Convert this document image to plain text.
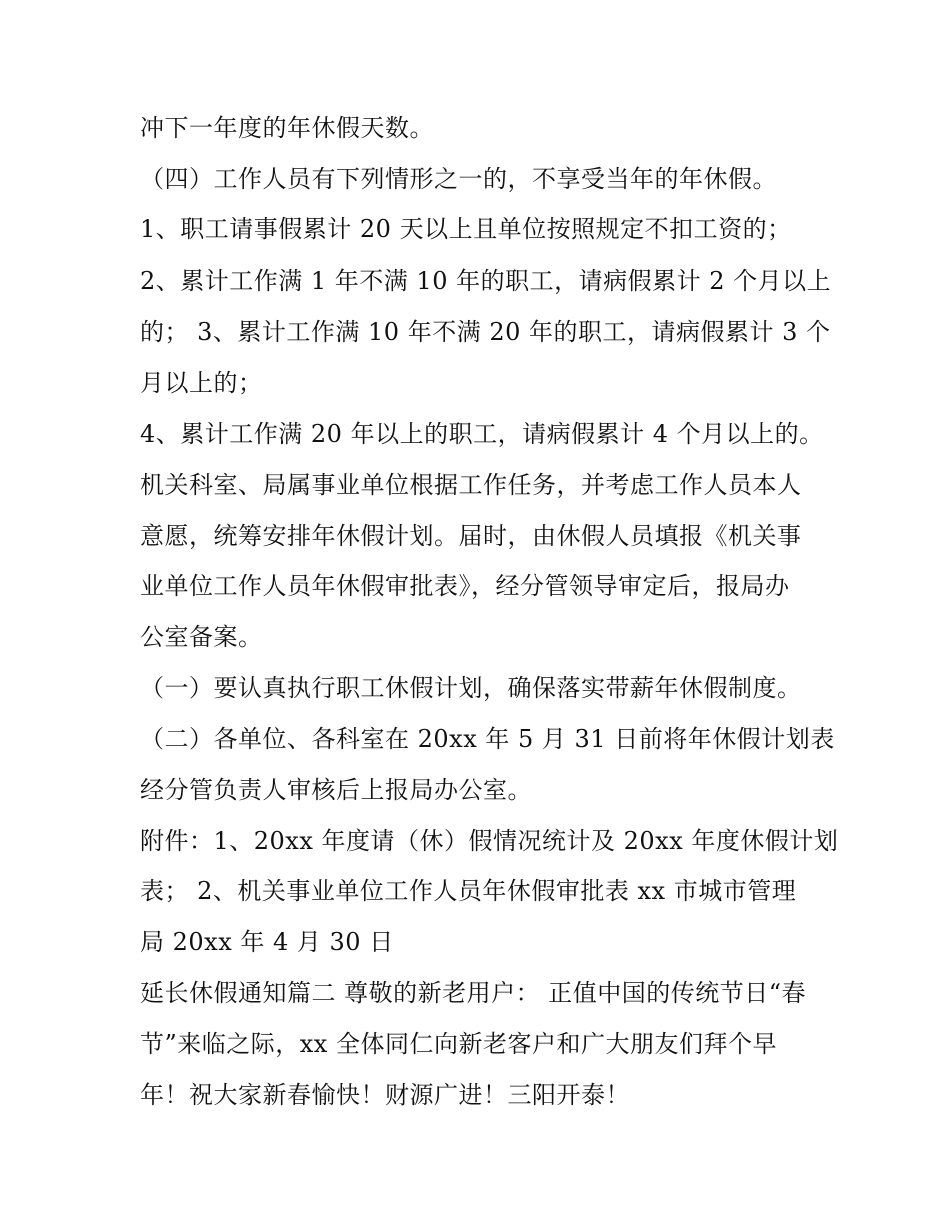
冲下一年度的年休假天数。
（四）工作人员有下列情形之一的，不享受当年的年休假。
1、职工请事假累计 20 天以上且单位按照规定不扣工资的；
2、累计工作满 1 年不满 10 年的职工，请病假累计 2 个月以上
的； 3、累计工作满 10 年不满 20 年的职工，请病假累计 3 个
月以上的；
4、累计工作满 20 年以上的职工，请病假累计 4 个月以上的。
机关科室、局属事业单位根据工作任务，并考虑工作人员本人
意愿，统筹安排年休假计划。届时，由休假人员填报《机关事
业单位工作人员年休假审批表》，经分管领导审定后，报局办
公室备案。
（一）要认真执行职工休假计划，确保落实带薪年休假制度。
（二）各单位、各科室在 20xx 年 5 月 31 日前将年休假计划表
经分管负责人审核后上报局办公室。
附件：1、20xx 年度请（休）假情况统计及 20xx 年度休假计划
表； 2、机关事业单位工作人员年休假审批表 xx 市城市管理
局 20xx 年 4 月 30 日
延长休假通知篇二 尊敬的新老用户： 正值中国的传统节日“春
节”来临之际，xx 全体同仁向新老客户和广大朋友们拜个早
年！祝大家新春愉快！财源广进！三阳开泰！
